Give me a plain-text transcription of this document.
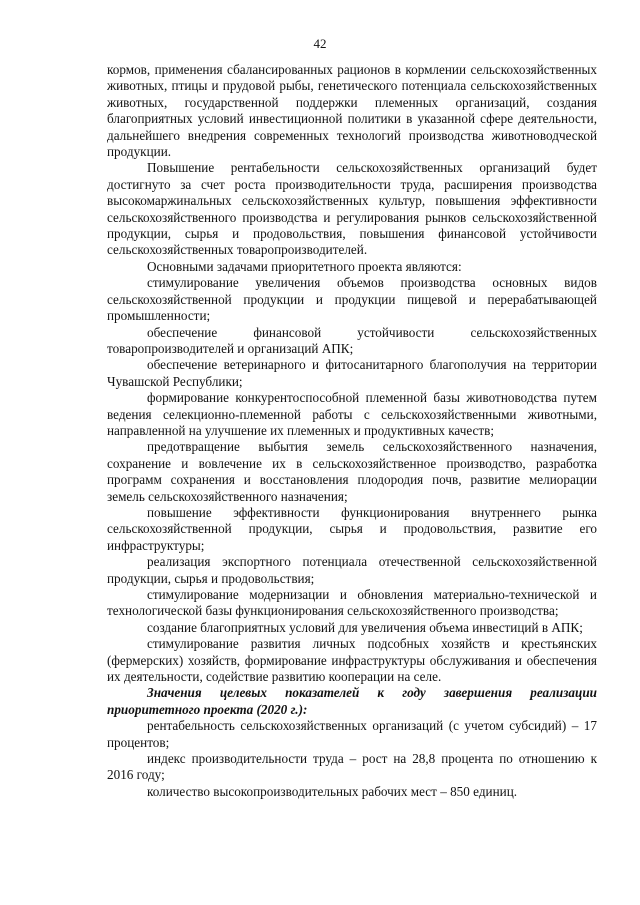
42

кормов, применения сбалансированных рационов в кормлении сельскохозяйственных животных, птицы и прудовой рыбы, генетического потенциала сельскохозяйственных животных, государственной поддержки племенных организаций, создания благоприятных условий инвестиционной политики в указанной сфере деятельности, дальнейшего внедрения современных технологий производства животноводческой продукции.

Повышение рентабельности сельскохозяйственных организаций будет достигнуто за счет роста производительности труда, расширения производства высокомаржинальных сельскохозяйственных культур, повышения эффективности сельскохозяйственного производства и регулирования рынков сельскохозяйственной продукции, сырья и продовольствия, повышения финансовой устойчивости сельскохозяйственных товаропроизводителей.

Основными задачами приоритетного проекта являются:

стимулирование увеличения объемов производства основных видов сельскохозяйственной продукции и продукции пищевой и перерабатывающей промышленности;

обеспечение финансовой устойчивости сельскохозяйственных товаропроизводителей и организаций АПК;

обеспечение ветеринарного и фитосанитарного благополучия на территории Чувашской Республики;

формирование конкурентоспособной племенной базы животноводства путем ведения селекционно-племенной работы с сельскохозяйственными животными, направленной на улучшение их племенных и продуктивных качеств;

предотвращение выбытия земель сельскохозяйственного назначения, сохранение и вовлечение их в сельскохозяйственное производство, разработка программ сохранения и восстановления плодородия почв, развитие мелиорации земель сельскохозяйственного назначения;

повышение эффективности функционирования внутреннего рынка сельскохозяйственной продукции, сырья и продовольствия, развитие его инфраструктуры;

реализация экспортного потенциала отечественной сельскохозяйственной продукции, сырья и продовольствия;

стимулирование модернизации и обновления материально-технической и технологической базы функционирования сельскохозяйственного производства;

создание благоприятных условий для увеличения объема инвестиций в АПК;

стимулирование развития личных подсобных хозяйств и крестьянских (фермерских) хозяйств, формирование инфраструктуры обслуживания и обеспечения их деятельности, содействие развитию кооперации на селе.

Значения целевых показателей к году завершения реализации приоритетного проекта (2020 г.):

рентабельность сельскохозяйственных организаций (с учетом субсидий) – 17 процентов;

индекс производительности труда – рост на 28,8 процента по отношению к 2016 году;

количество высокопроизводительных рабочих мест – 850 единиц.
